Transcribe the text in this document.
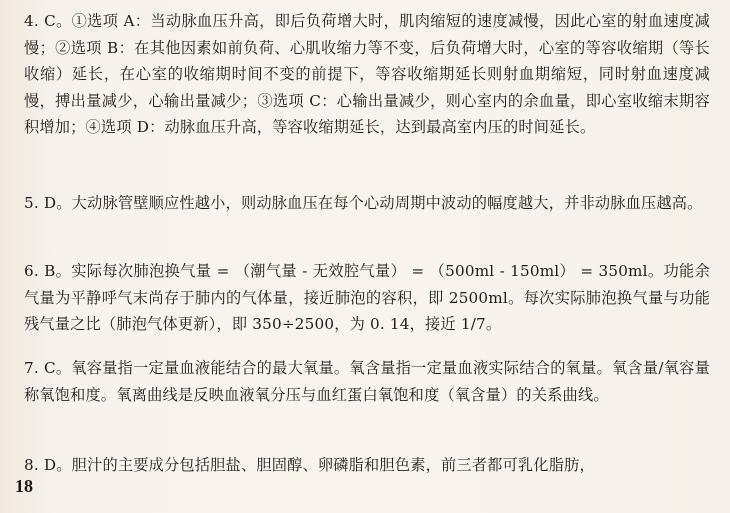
4. C。①选项 A：当动脉血压升高，即后负荷增大时，肌肉缩短的速度减慢，因此心室的射血速度减慢；②选项 B：在其他因素如前负荷、心肌收缩力等不变，后负荷增大时，心室的等容收缩期（等长收缩）延长，在心室的收缩期时间不变的前提下，等容收缩期延长则射血期缩短，同时射血速度减慢，搏出量减少，心输出量减少；③选项 C：心输出量减少，则心室内的余血量，即心室收缩末期容积增加；④选项 D：动脉血压升高，等容收缩期延长，达到最高室内压的时间延长。

5. D。大动脉管壁顺应性越小，则动脉血压在每个心动周期中波动的幅度越大，并非动脉血压越高。

6. B。实际每次肺泡换气量 = （潮气量 - 无效腔气量） = （500ml - 150ml） = 350ml。功能余气量为平静呼气末尚存于肺内的气体量，接近肺泡的容积，即 2500ml。每次实际肺泡换气量与功能残气量之比（肺泡气体更新），即 350÷2500，为 0. 14，接近 1/7。

7. C。氧容量指一定量血液能结合的最大氧量。氧含量指一定量血液实际结合的氧量。氧含量/氧容量称氧饱和度。氧离曲线是反映血液氧分压与血红蛋白氧饱和度（氧含量）的关系曲线。

8. D。胆汁的主要成分包括胆盐、胆固醇、卵磷脂和胆色素，前三者都可乳化脂肪，

18
